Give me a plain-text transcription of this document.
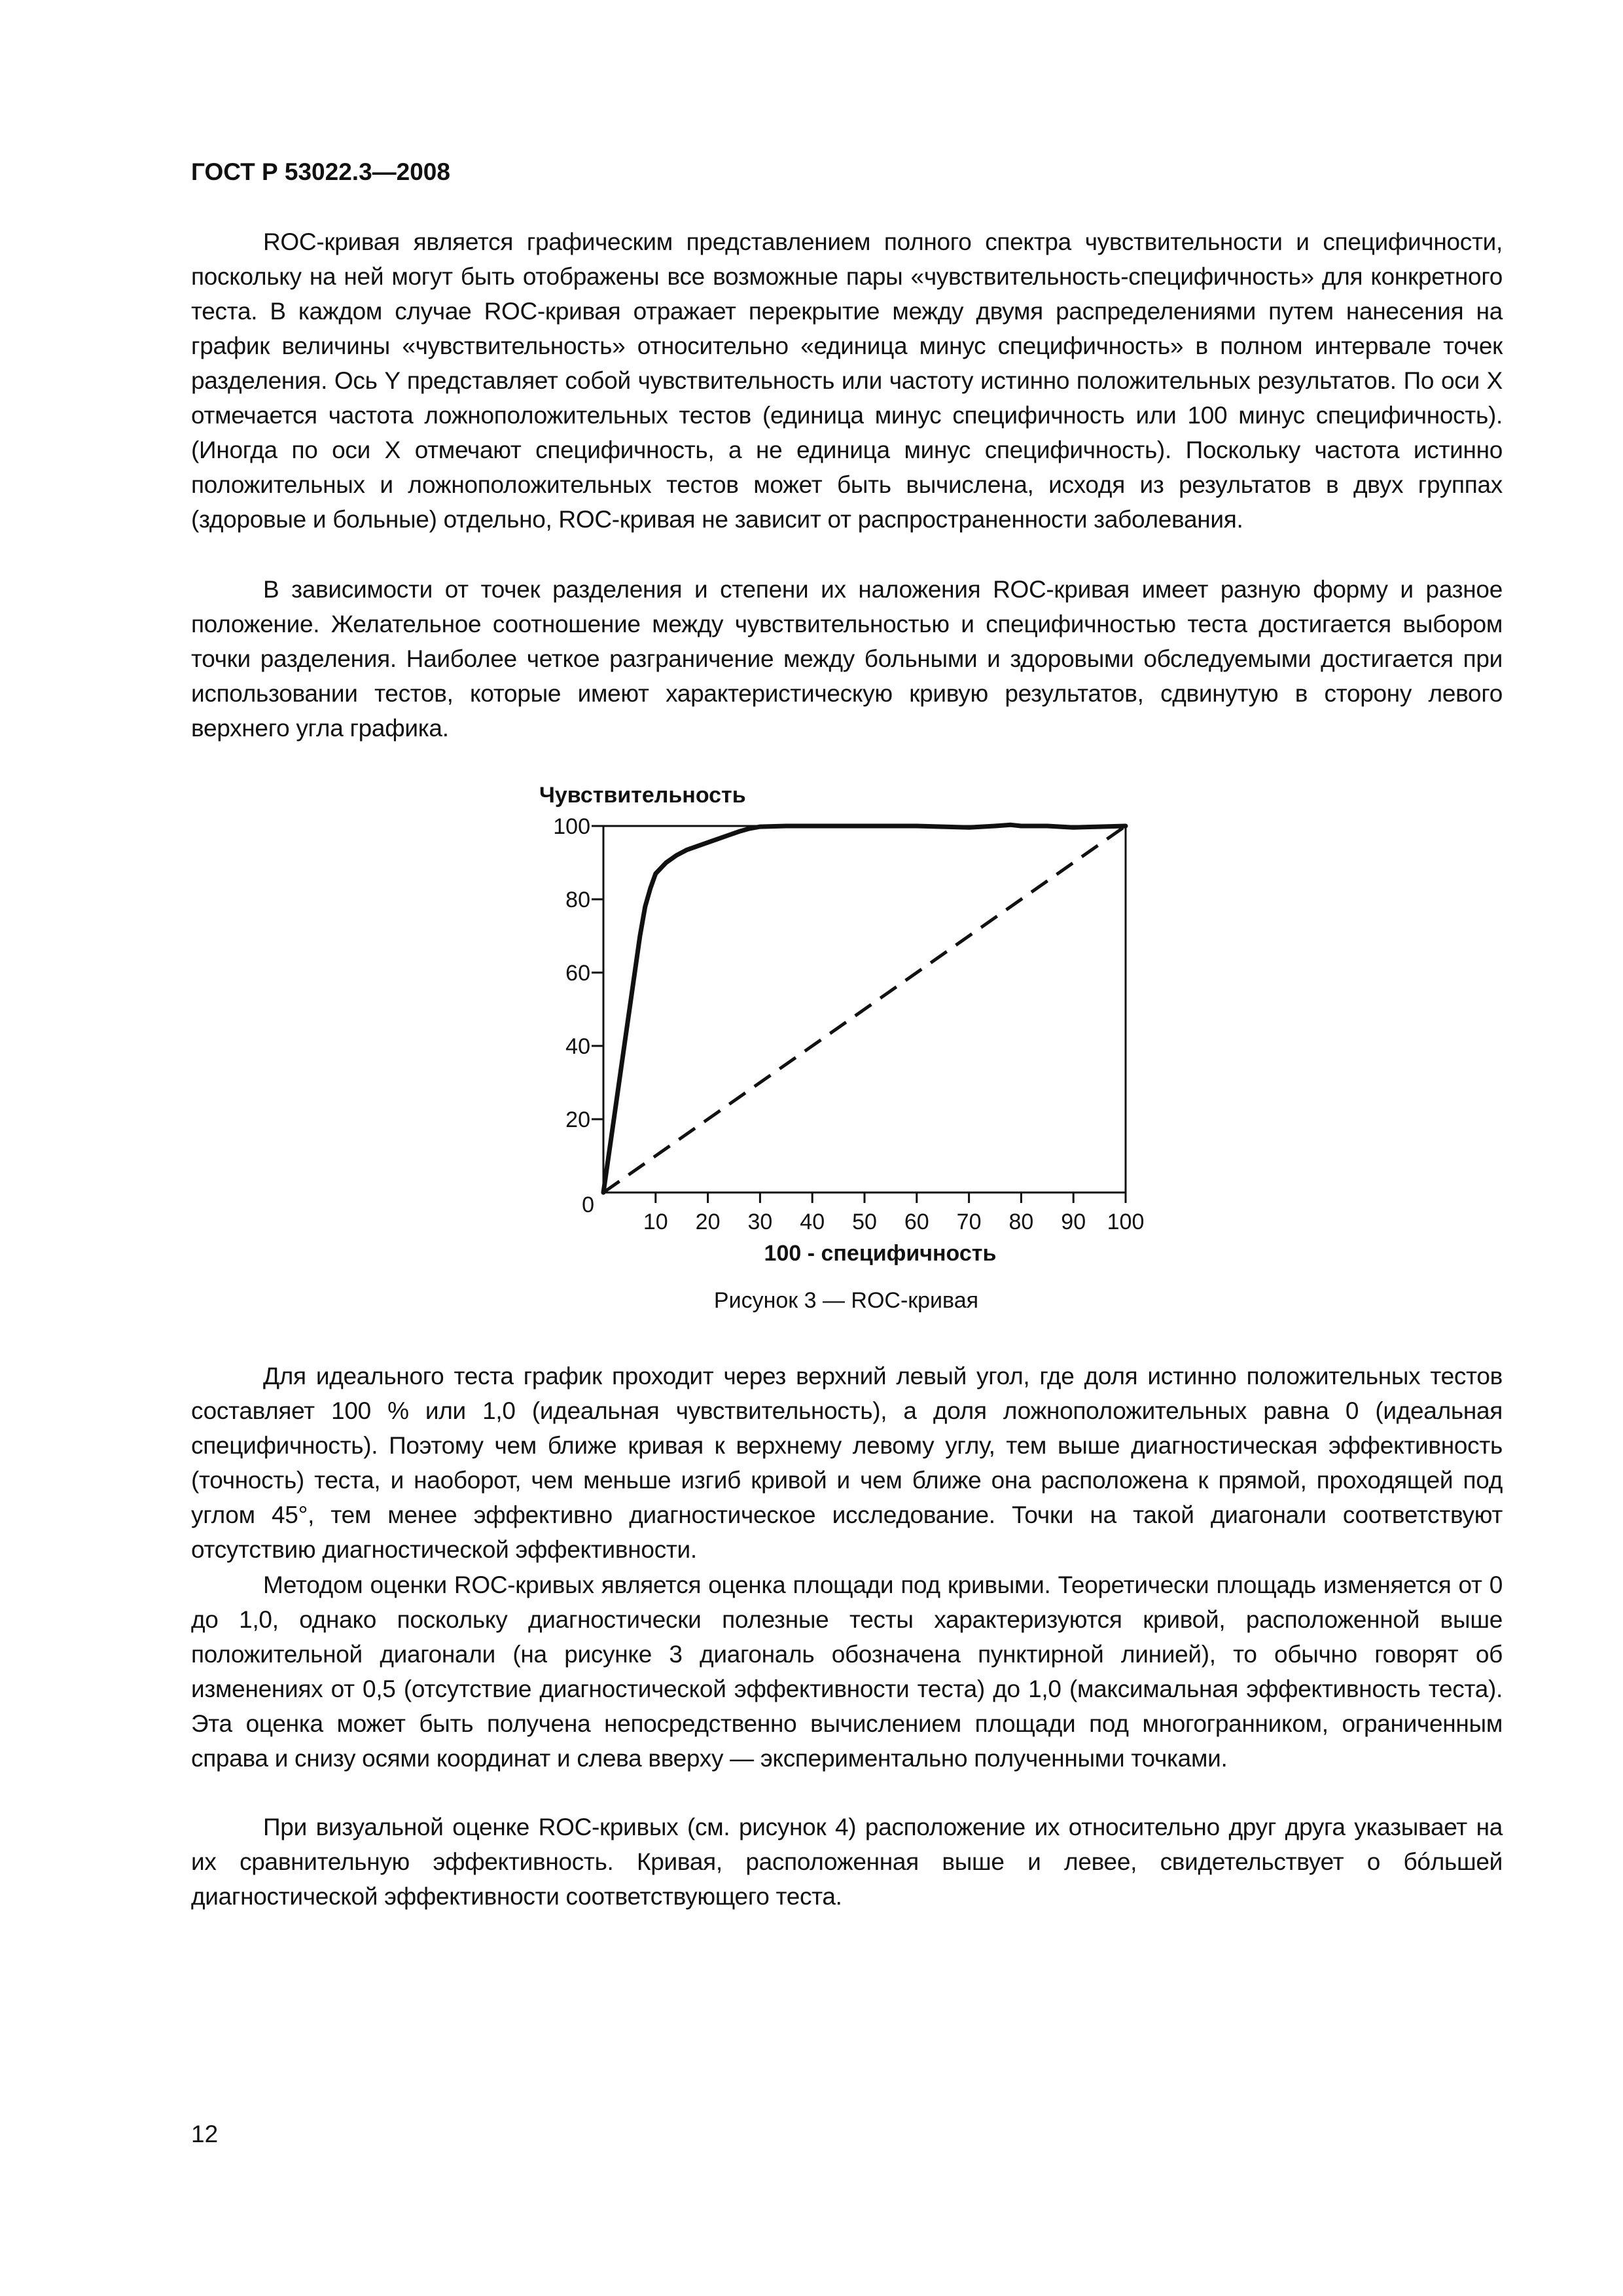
ГОСТ Р 53022.3—2008

ROC-кривая является графическим представлением полного спектра чувствительности и специфичности, поскольку на ней могут быть отображены все возможные пары «чувствительность-специфичность» для конкретного теста. В каждом случае ROC-кривая отражает перекрытие между двумя распределениями путем нанесения на график величины «чувствительность» относительно «единица минус специфичность» в полном интервале точек разделения. Ось Y представляет собой чувствительность или частоту истинно положительных результатов. По оси X отмечается частота ложноположительных тестов (единица минус специфичность или 100 минус специфичность). (Иногда по оси X отмечают специфичность, а не единица минус специфичность). Поскольку частота истинно положительных и ложноположительных тестов может быть вычислена, исходя из результатов в двух группах (здоровые и больные) отдельно, ROC-кривая не зависит от распространенности заболевания.

В зависимости от точек разделения и степени их наложения ROC-кривая имеет разную форму и разное положение. Желательное соотношение между чувствительностью и специфичностью теста достигается выбором точки разделения. Наиболее четкое разграничение между больными и здоровыми обследуемыми достигается при использовании тестов, которые имеют характеристическую кривую результатов, сдвинутую в сторону левого верхнего угла графика.

20
40
60
80
100
10 20 30 40 50 60 70 80 90 100
0
Чувствительность
100 - специфичность
Рисунок 3 — ROC-кривая

Для идеального теста график проходит через верхний левый угол, где доля истинно положительных тестов составляет 100 % или 1,0 (идеальная чувствительность), а доля ложноположительных равна 0 (идеальная специфичность). Поэтому чем ближе кривая к верхнему левому углу, тем выше диагностическая эффективность (точность) теста, и наоборот, чем меньше изгиб кривой и чем ближе она расположена к прямой, проходящей под углом 45°, тем менее эффективно диагностическое исследование. Точки на такой диагонали соответствуют отсутствию диагностической эффективности.

Методом оценки ROC-кривых является оценка площади под кривыми. Теоретически площадь изменяется от 0 до 1,0, однако поскольку диагностически полезные тесты характеризуются кривой, расположенной выше положительной диагонали (на рисунке 3 диагональ обозначена пунктирной линией), то обычно говорят об изменениях от 0,5 (отсутствие диагностической эффективности теста) до 1,0 (максимальная эффективность теста). Эта оценка может быть получена непосредственно вычислением площади под многогранником, ограниченным справа и снизу осями координат и слева вверху — экспериментально полученными точками.

При визуальной оценке ROC-кривых (см. рисунок 4) расположение их относительно друг друга указывает на их сравнительную эффективность. Кривая, расположенная выше и левее, свидетельствует о бóльшей диагностической эффективности соответствующего теста.

12
